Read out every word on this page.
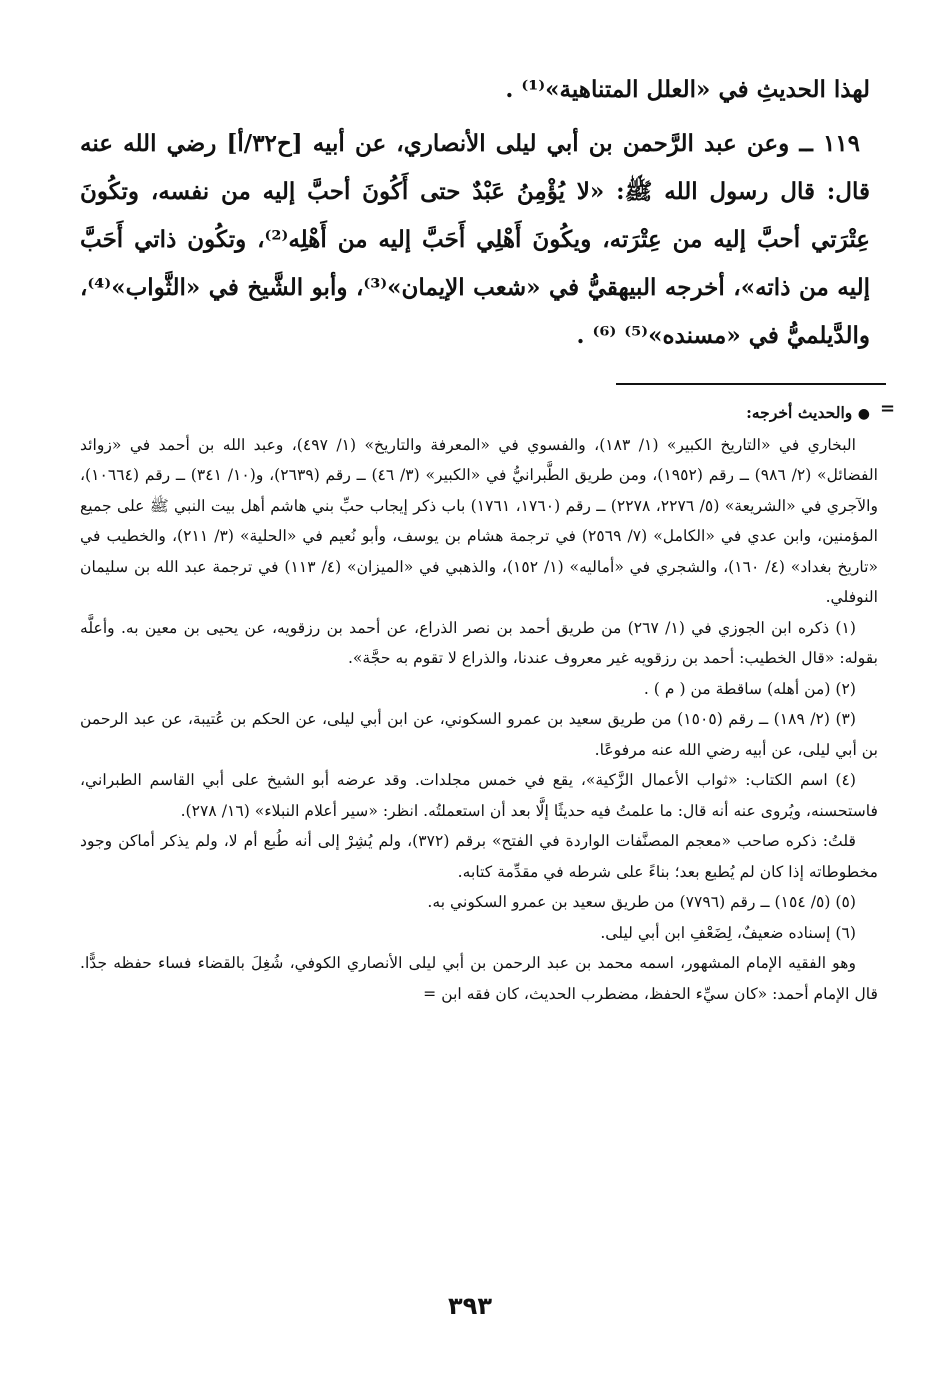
لهذا الحديثِ في «العلل المتناهية»⁽¹⁾ .

١١٩ ــ وعن عبد الرَّحمن بن أبي ليلى الأنصاري، عن أبيه [ح٣٢/أ] رضي الله عنه قال: قال رسول الله ﷺ: «لا يُؤْمِنُ عَبْدٌ حتى أَكُونَ أحبَّ إليه من نفسه، وتكُونَ عِتْرَتي أحبَّ إليه من عِتْرَته، ويكُونَ أَهْلِي أَحَبَّ إليه من أَهْلِه⁽²⁾، وتكُون ذاتي أَحَبَّ إليه من ذاته»، أخرجه البيهقيُّ في «شعب الإيمان»⁽³⁾، وأبو الشَّيخ في «الثَّواب»⁽⁴⁾، والدَّيلميُّ في «مسنده»⁽⁵⁾ ⁽⁶⁾ .

=

● والحديث أخرجه:

البخاري في «التاريخ الكبير» (١/ ١٨٣)، والفسوي في «المعرفة والتاريخ» (١/ ٤٩٧)، وعبد الله بن أحمد في «زوائد الفضائل» (٢/ ٩٨٦) ــ رقم (١٩٥٢)، ومن طريق الطَّبرانيُّ في «الكبير» (٣/ ٤٦) ــ رقم (٢٦٣٩)، و(١٠/ ٣٤١) ــ رقم (١٠٦٦٤)، والآجري في «الشريعة» (٥/ ٢٢٧٦، ٢٢٧٨) ــ رقم (١٧٦٠، ١٧٦١) باب ذكر إيجاب حبِّ بني هاشم أهل بيت النبي ﷺ على جميع المؤمنين، وابن عدي في «الكامل» (٧/ ٢٥٦٩) في ترجمة هشام بن يوسف، وأبو نُعيم في «الحلية» (٣/ ٢١١)، والخطيب في «تاريخ بغداد» (٤/ ١٦٠)، والشجري في «أماليه» (١/ ١٥٢)، والذهبي في «الميزان» (٤/ ١١٣) في ترجمة عبد الله بن سليمان النوفلي.

(١) ذكره ابن الجوزي في (١/ ٢٦٧) من طريق أحمد بن نصر الذراع، عن أحمد بن رزقويه، عن يحيى بن معين به. وأعلَّه بقوله: «قال الخطيب: أحمد بن رزقويه غير معروف عندنا، والذراع لا تقوم به حجَّة».

(٢) (من أهله) ساقطة من ( م ) .

(٣) (٢/ ١٨٩) ــ رقم (١٥٠٥) من طريق سعيد بن عمرو السكوني، عن ابن أبي ليلى، عن الحكم بن عُتيبة، عن عبد الرحمن بن أبي ليلى، عن أبيه رضي الله عنه مرفوعًا.

(٤) اسم الكتاب: «ثواب الأعمال الزَّكية»، يقع في خمس مجلدات. وقد عرضه أبو الشيخ على أبي القاسم الطبراني، فاستحسنه، ويُروى عنه أنه قال: ما علمتُ فيه حديثًا إلَّا بعد أن استعملتُه. انظر: «سير أعلام النبلاء» (١٦/ ٢٧٨).

قلتُ: ذكره صاحب «معجم المصنَّفات الواردة في الفتح» برقم (٣٧٢)، ولم يُشِرْ إلى أنه طُبع أم لا، ولم يذكر أماكن وجود مخطوطاته إذا كان لم يُطبع بعد؛ بناءً على شرطه في مقدِّمة كتابه.

(٥) (٥/ ١٥٤) ــ رقم (٧٧٩٦) من طريق سعيد بن عمرو السكوني به.

(٦) إسناده ضعيفٌ، لِضَعْفِ ابن أبي ليلى.

وهو الفقيه الإمام المشهور، اسمه محمد بن عبد الرحمن بن أبي ليلى الأنصاري الكوفي، شُغِلَ بالقضاء فساء حفظه جدًّا. قال الإمام أحمد: «كان سيِّء الحفظ، مضطرب الحديث، كان فقه ابن =

٣٩٣
